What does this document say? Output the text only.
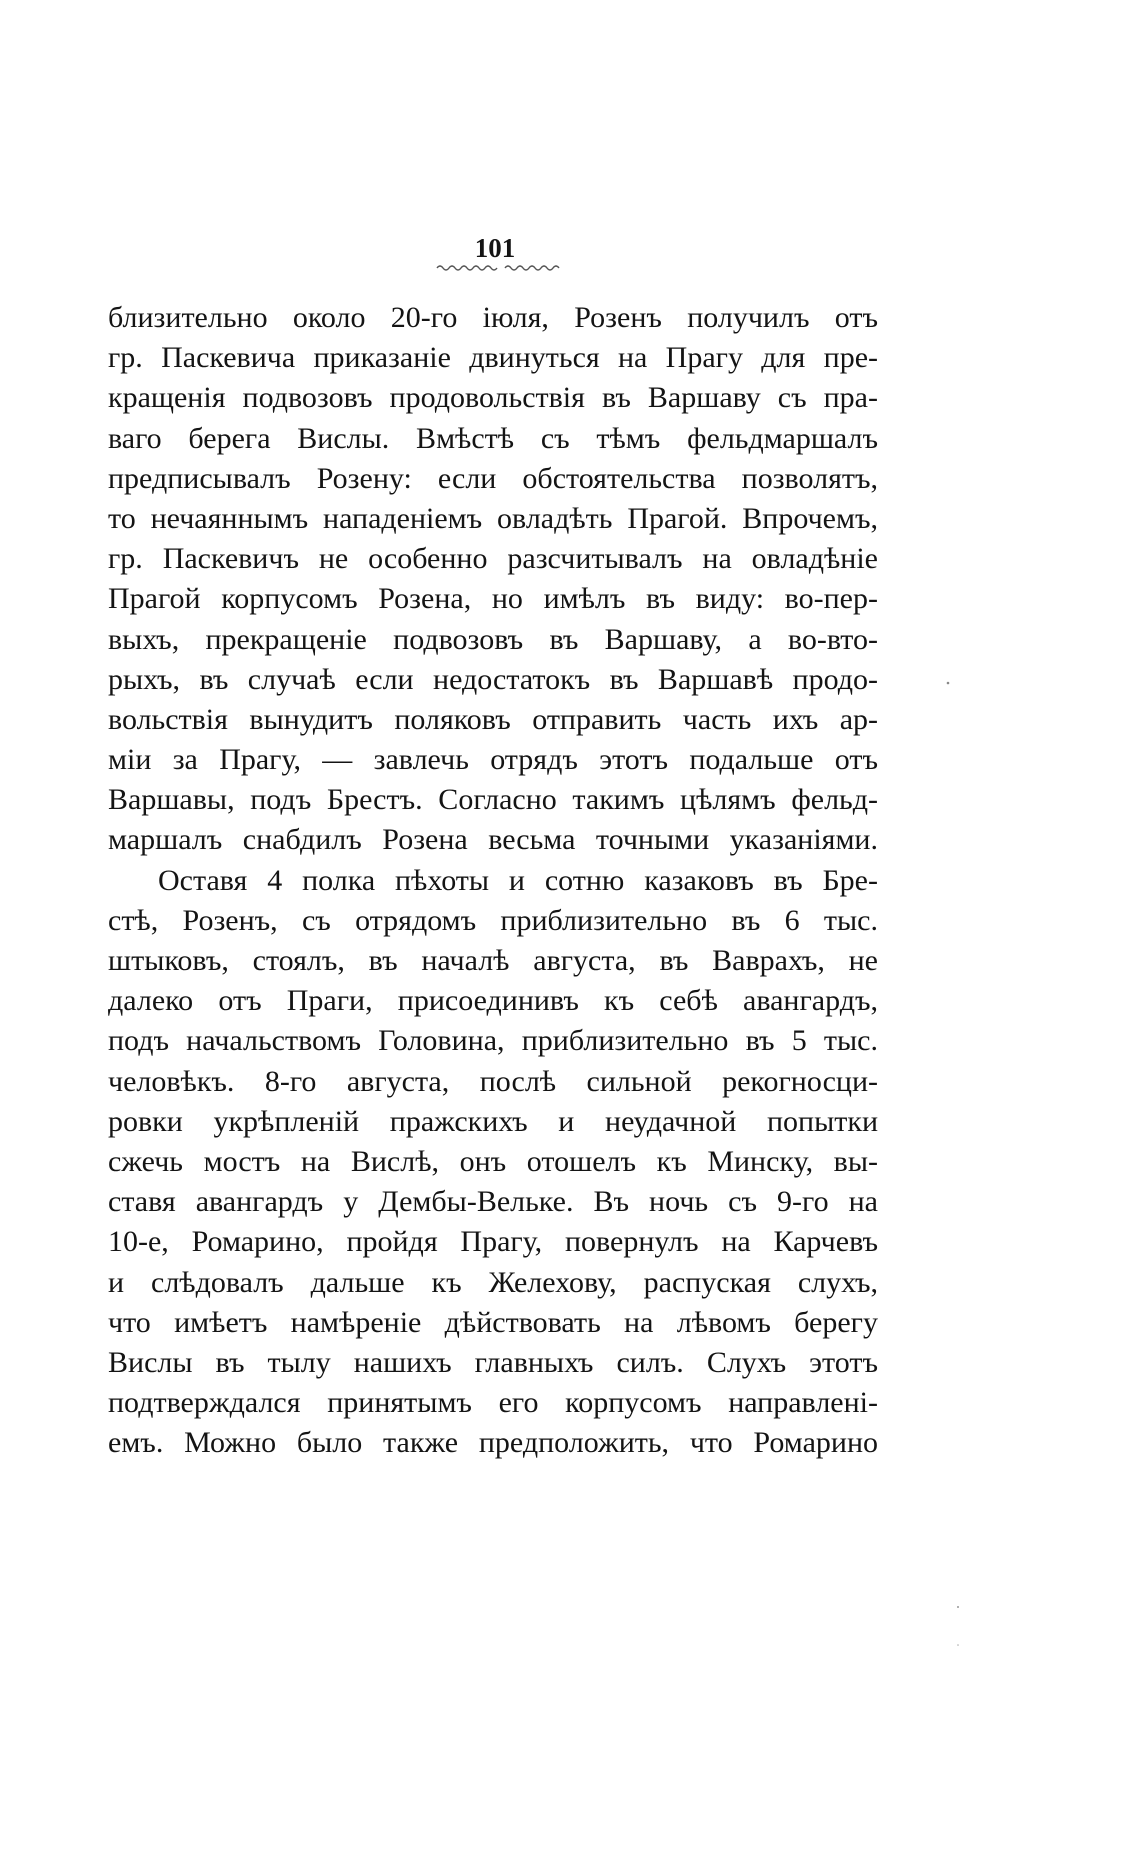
101
близительно около 20-го іюля, Розенъ получилъ отъ
гр. Паскевича приказаніе двинуться на Прагу для пре-
кращенія подвозовъ продовольствія въ Варшаву съ пра-
ваго берега Вислы. Вмѣстѣ съ тѣмъ фельдмаршалъ
предписывалъ Розену: если обстоятельства позволятъ,
то нечаяннымъ нападеніемъ овладѣть Прагой. Впрочемъ,
гр. Паскевичъ не особенно разсчитывалъ на овладѣніе
Прагой корпусомъ Розена, но имѣлъ въ виду: во-пер-
выхъ, прекращеніе подвозовъ въ Варшаву, а во-вто-
рыхъ, въ случаѣ если недостатокъ въ Варшавѣ продо-
вольствія вынудитъ поляковъ отправить часть ихъ ар-
міи за Прагу, — завлечь отрядъ этотъ подальше отъ
Варшавы, подъ Брестъ. Согласно такимъ цѣлямъ фельд-
маршалъ снабдилъ Розена весьма точными указаніями.
Оставя 4 полка пѣхоты и сотню казаковъ въ Бре-
стѣ, Розенъ, съ отрядомъ приблизительно въ 6 тыс.
штыковъ, стоялъ, въ началѣ августа, въ Ваврахъ, не
далеко отъ Праги, присоединивъ къ себѣ авангардъ,
подъ начальствомъ Головина, приблизительно въ 5 тыс.
человѣкъ. 8-го августа, послѣ сильной рекогносци-
ровки укрѣпленій пражскихъ и неудачной попытки
сжечь мостъ на Вислѣ, онъ отошелъ къ Минску, вы-
ставя авангардъ у Дембы-Вельке. Въ ночь съ 9-го на
10-е, Ромарино, пройдя Прагу, повернулъ на Карчевъ
и слѣдовалъ дальше къ Желехову, распуская слухъ,
что имѣетъ намѣреніе дѣйствовать на лѣвомъ берегу
Вислы въ тылу нашихъ главныхъ силъ. Слухъ этотъ
подтверждался принятымъ его корпусомъ направлені-
емъ. Можно было также предположить, что Ромарино
